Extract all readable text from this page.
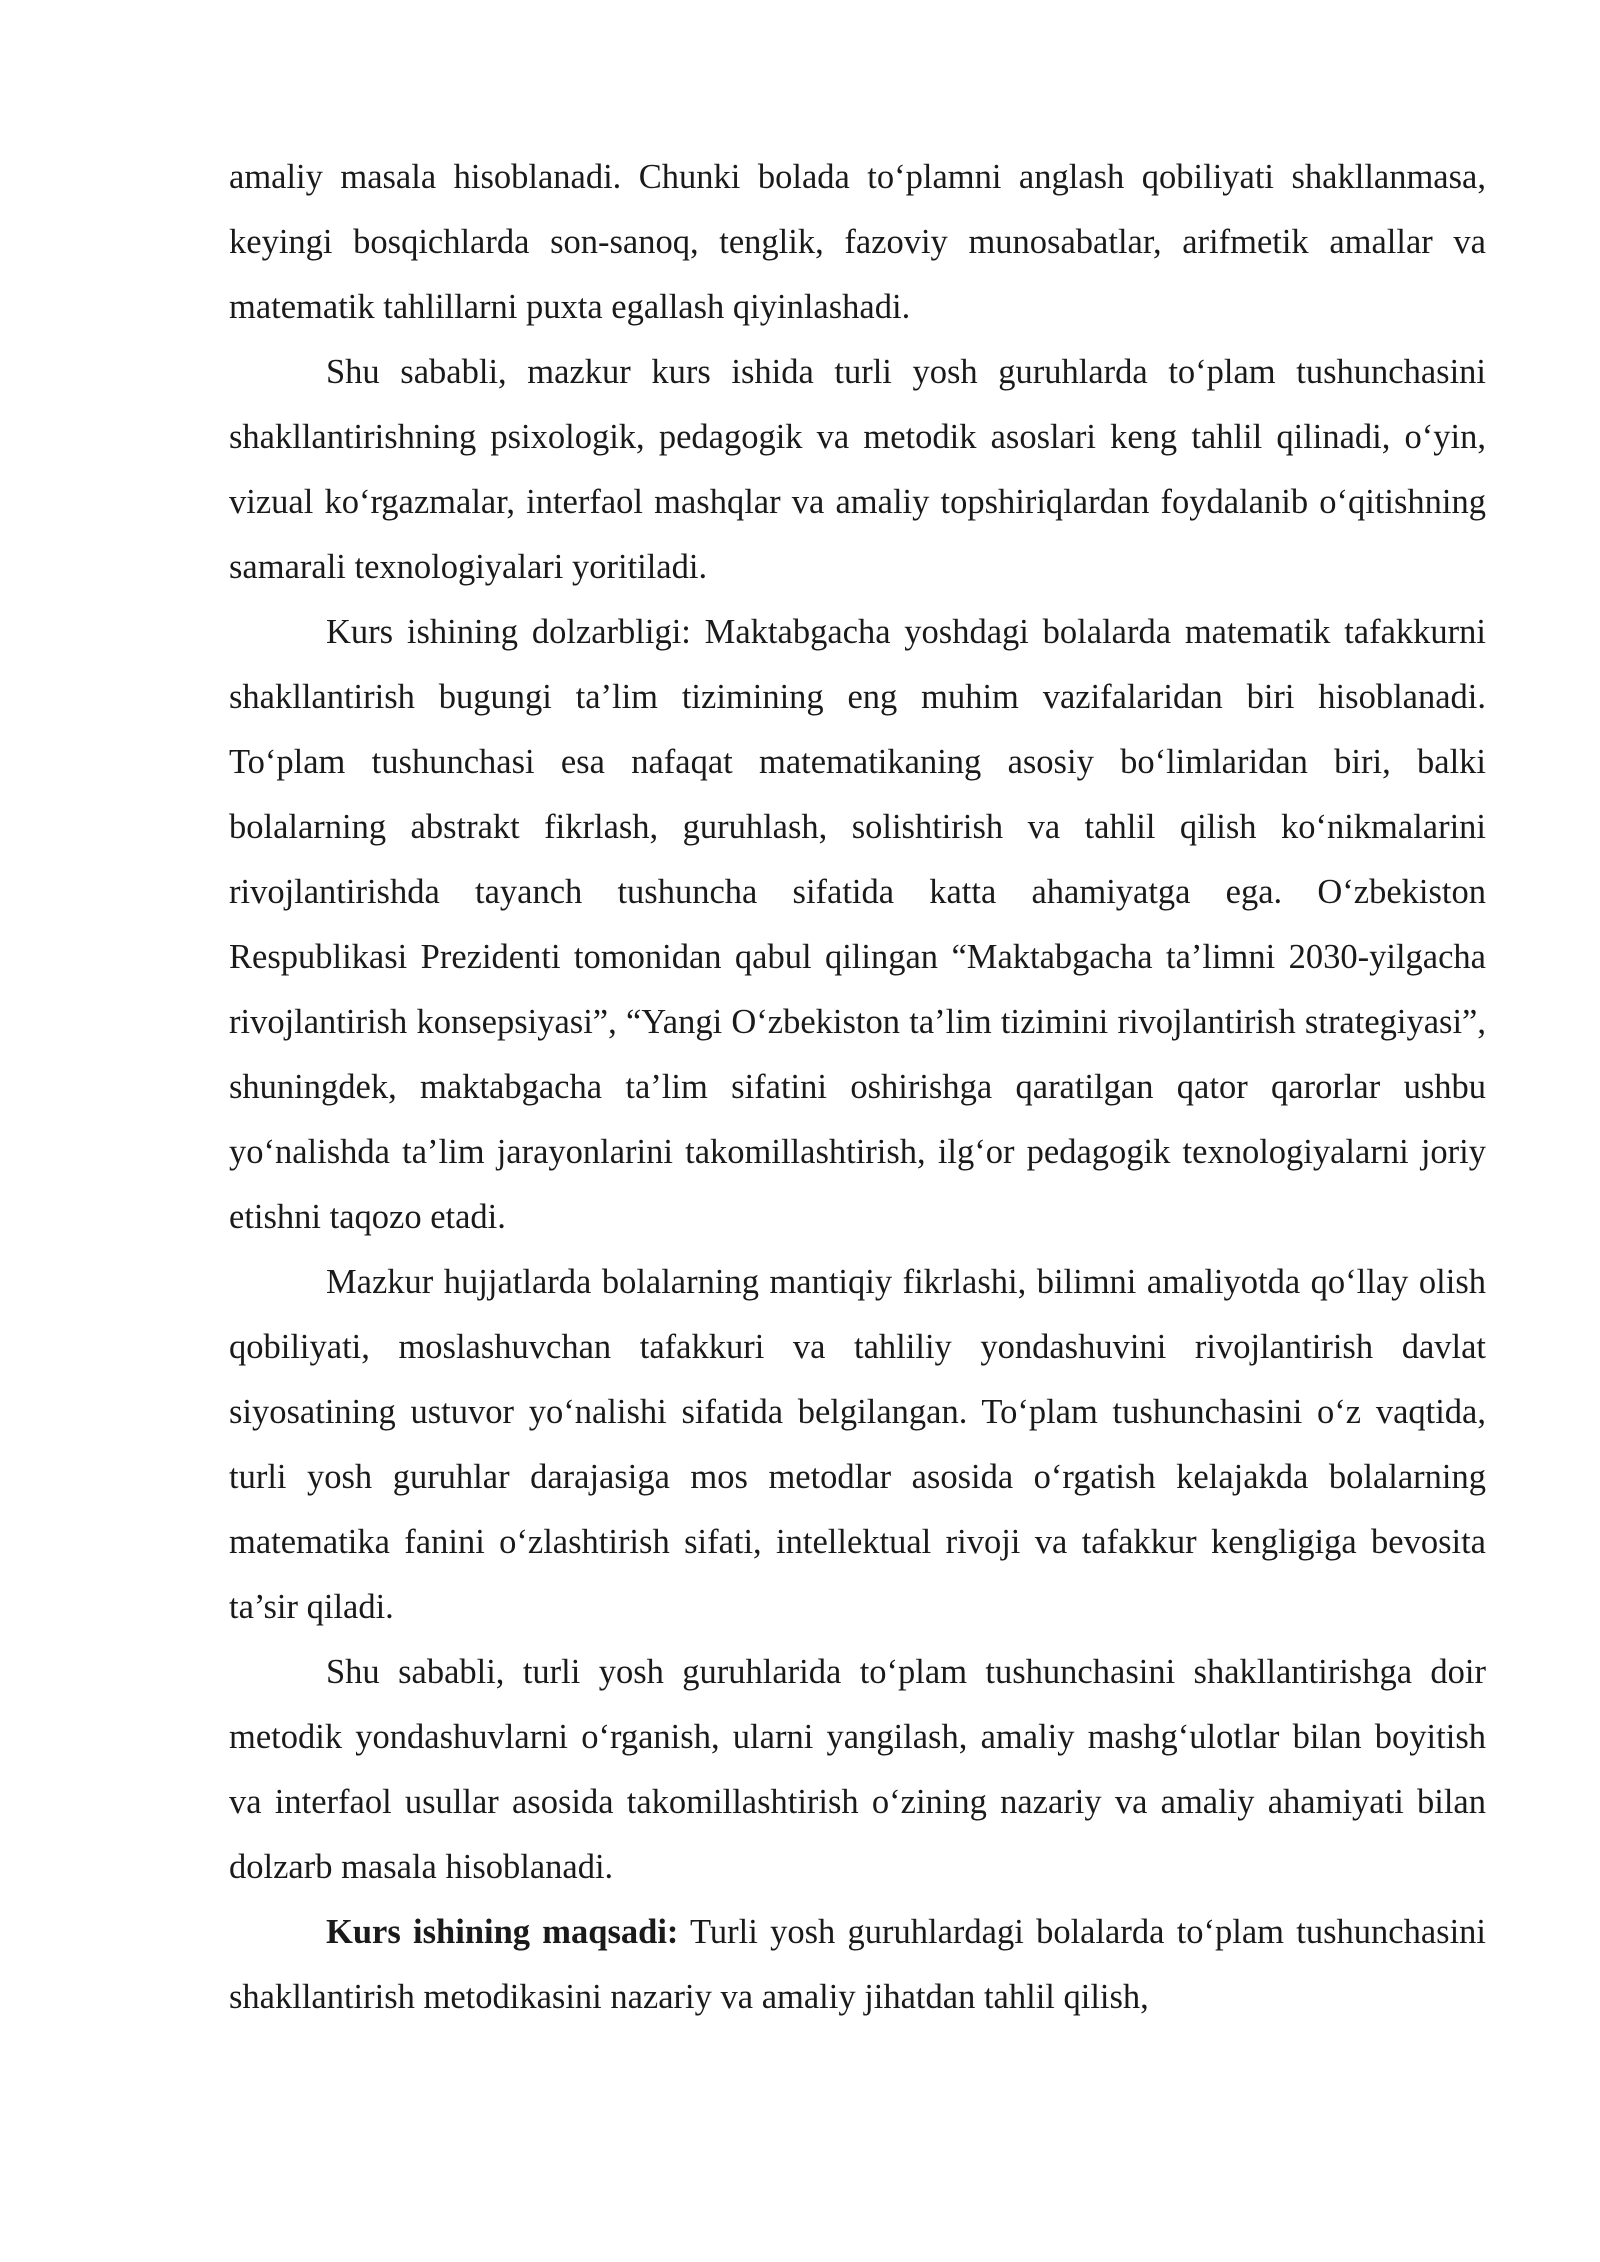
amaliy masala hisoblanadi. Chunki bolada to‘plamni anglash qobiliyati shakllanmasa, keyingi bosqichlarda son-sanoq, tenglik, fazoviy munosabatlar, arifmetik amallar va matematik tahlillarni puxta egallash qiyinlashadi.

Shu sababli, mazkur kurs ishida turli yosh guruhlarda to‘plam tushunchasini shakllantirishning psixologik, pedagogik va metodik asoslari keng tahlil qilinadi, o‘yin, vizual ko‘rgazmalar, interfaol mashqlar va amaliy topshiriqlardan foydalanib o‘qitishning samarali texnologiyalari yoritiladi.

Kurs ishining dolzarbligi: Maktabgacha yoshdagi bolalarda matematik tafakkurni shakllantirish bugungi ta’lim tizimining eng muhim vazifalaridan biri hisoblanadi. To‘plam tushunchasi esa nafaqat matematikaning asosiy bo‘limlaridan biri, balki bolalarning abstrakt fikrlash, guruhlash, solishtirish va tahlil qilish ko‘nikmalarini rivojlantirishda tayanch tushuncha sifatida katta ahamiyatga ega. O‘zbekiston Respublikasi Prezidenti tomonidan qabul qilingan “Maktabgacha ta’limni 2030-yilgacha rivojlantirish konsepsiyasi”, “Yangi O‘zbekiston ta’lim tizimini rivojlantirish strategiyasi”, shuningdek, maktabgacha ta’lim sifatini oshirishga qaratilgan qator qarorlar ushbu yo‘nalishda ta’lim jarayonlarini takomillashtirish, ilg‘or pedagogik texnologiyalarni joriy etishni taqozo etadi.

Mazkur hujjatlarda bolalarning mantiqiy fikrlashi, bilimni amaliyotda qo‘llay olish qobiliyati, moslashuvchan tafakkuri va tahliliy yondashuvini rivojlantirish davlat siyosatining ustuvor yo‘nalishi sifatida belgilangan. To‘plam tushunchasini o‘z vaqtida, turli yosh guruhlar darajasiga mos metodlar asosida o‘rgatish kelajakda bolalarning matematika fanini o‘zlashtirish sifati, intellektual rivoji va tafakkur kengligiga bevosita ta’sir qiladi.

Shu sababli, turli yosh guruhlarida to‘plam tushunchasini shakllantirishga doir metodik yondashuvlarni o‘rganish, ularni yangilash, amaliy mashg‘ulotlar bilan boyitish va interfaol usullar asosida takomillashtirish o‘zining nazariy va amaliy ahamiyati bilan dolzarb masala hisoblanadi.

Kurs ishining maqsadi: Turli yosh guruhlardagi bolalarda to‘plam tushunchasini shakllantirish metodikasini nazariy va amaliy jihatdan tahlil qilish,
